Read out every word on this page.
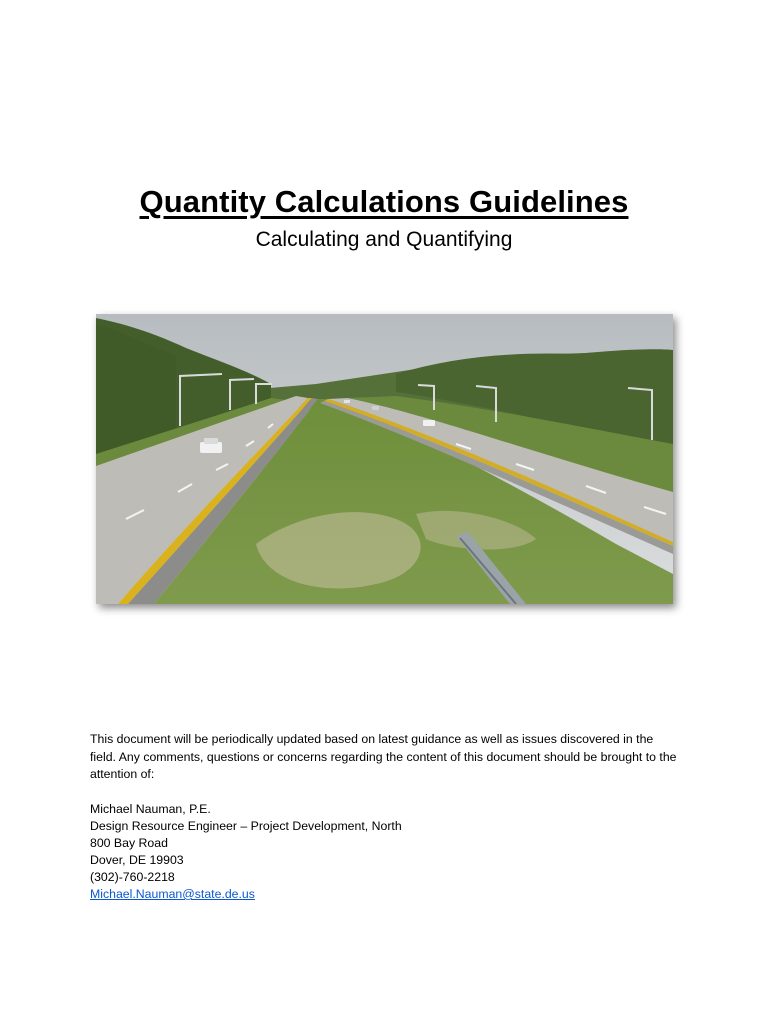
Quantity Calculations Guidelines
Calculating and Quantifying
This document will be periodically updated based on latest guidance as well as issues discovered in the field. Any comments, questions or concerns regarding the content of this document should be brought to the attention of:
Michael Nauman, P.E.
Design Resource Engineer – Project Development, North
800 Bay Road
Dover, DE 19903
(302)-760-2218
Michael.Nauman@state.de.us
